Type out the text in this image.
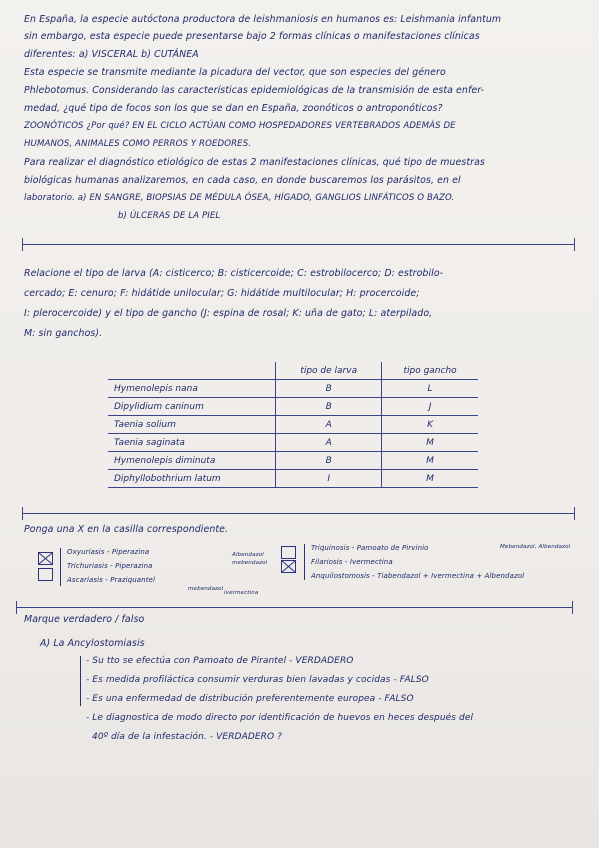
En España, la especie autóctona productora de leishmaniosis en humanos es: Leishmania infantum
sin embargo, esta especie puede presentarse bajo 2 formas clínicas o manifestaciones clínicas
diferentes: a) VISCERAL b) CUTÁNEA
Esta especie se transmite mediante la picadura del vector, que son especies del género
Phlebotomus. Considerando las características epidemiológicas de la transmisión de esta enfer-
medad, ¿qué tipo de focos son los que se dan en España, zoonóticos o antroponóticos?
ZOONÓTICOS ¿Por qué? EN EL CICLO ACTÚAN COMO HOSPEDADORES VERTEBRADOS ADEMÁS DE
HUMANOS, ANIMALES COMO PERROS Y ROEDORES.
Para realizar el diagnóstico etiológico de estas 2 manifestaciones clínicas, qué tipo de muestras
biológicas humanas analizaremos, en cada caso, en donde buscaremos los parásitos, en el
laboratorio. a) EN SANGRE, BIOPSIAS DE MÉDULA ÓSEA, HÍGADO, GANGLIOS LINFÁTICOS O BAZO.
b) ÚLCERAS DE LA PIEL
Relacione el tipo de larva (A: cisticerco; B: cisticercoide; C: estrobilocerco; D: estrobilo-
cercado; E: cenuro; F: hidátide unilocular; G: hidátide multilocular; H: procercoide;
I: plerocercoide) y el tipo de gancho (J: espina de rosal; K: uña de gato; L: aterpilado,
M: sin ganchos).
	tipo de larva	tipo gancho
Hymenolepis nana	B	L
Dipylidium caninum	B	J
Taenia solium	A	K
Taenia saginata	A	M
Hymenolepis diminuta	B	M
Diphyllobothrium latum	I	M
Ponga una X en la casilla correspondiente.
Oxyuriasis - Piperazina
Trichuriasis - Piperazina
Ascariasis - Praziquantel
Albendazol
mebendazol
mebendazol
ivermectina
Triquinosis - Pamoato de Pirvinio
Filariosis - Ivermectina
Anquilostomosis - Tiabendazol + Ivermectina + Albendazol
Mebendazol, Albendazol
Marque verdadero / falso
A) La Ancylostomiasis
- Su tto se efectúa con Pamoato de Pirantel - VERDADERO
- Es medida profiláctica consumir verduras bien lavadas y cocidas - FALSO
- Es una enfermedad de distribución preferentemente europea - FALSO
- Le diagnostica de modo directo por identificación de huevos en heces después del
40º día de la infestación. - VERDADERO ?
